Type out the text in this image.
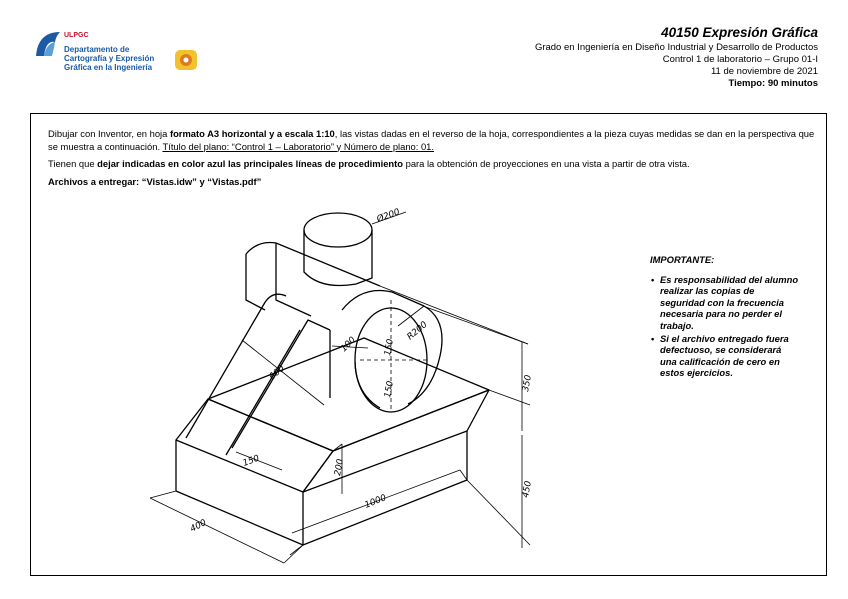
ULPGC
Departamento de
Cartografía y Expresión
Gráfica en la Ingeniería
40150 Expresión Gráfica
Grado en Ingeniería en Diseño Industrial y Desarrollo de Productos
Control 1 de laboratorio – Grupo 01-I
11 de noviembre de 2021
Tiempo: 90 minutos

Dibujar con Inventor, en hoja formato A3 horizontal y a escala 1:10, las vistas dadas en el reverso de la hoja, correspondientes a la pieza cuyas medidas se dan en la perspectiva que se muestra a continuación. Título del plano: “Control 1 – Laboratorio” y Número de plano: 01.

Tienen que dejar indicadas en color azul las principales líneas de procedimiento para la obtención de proyecciones en una vista a partir de otra vista.

Archivos a entregar: “Vistas.idw” y “Vistas.pdf”

Ø200
R200
600
100	150
150
150
350
200
450
1000
400
IMPORTANTE:
• Es responsabilidad del alumno realizar las copias de seguridad con la frecuencia necesaria para no perder el trabajo.
• Si el archivo entregado fuera defectuoso, se considerará una calificación de cero en estos ejercicios.
